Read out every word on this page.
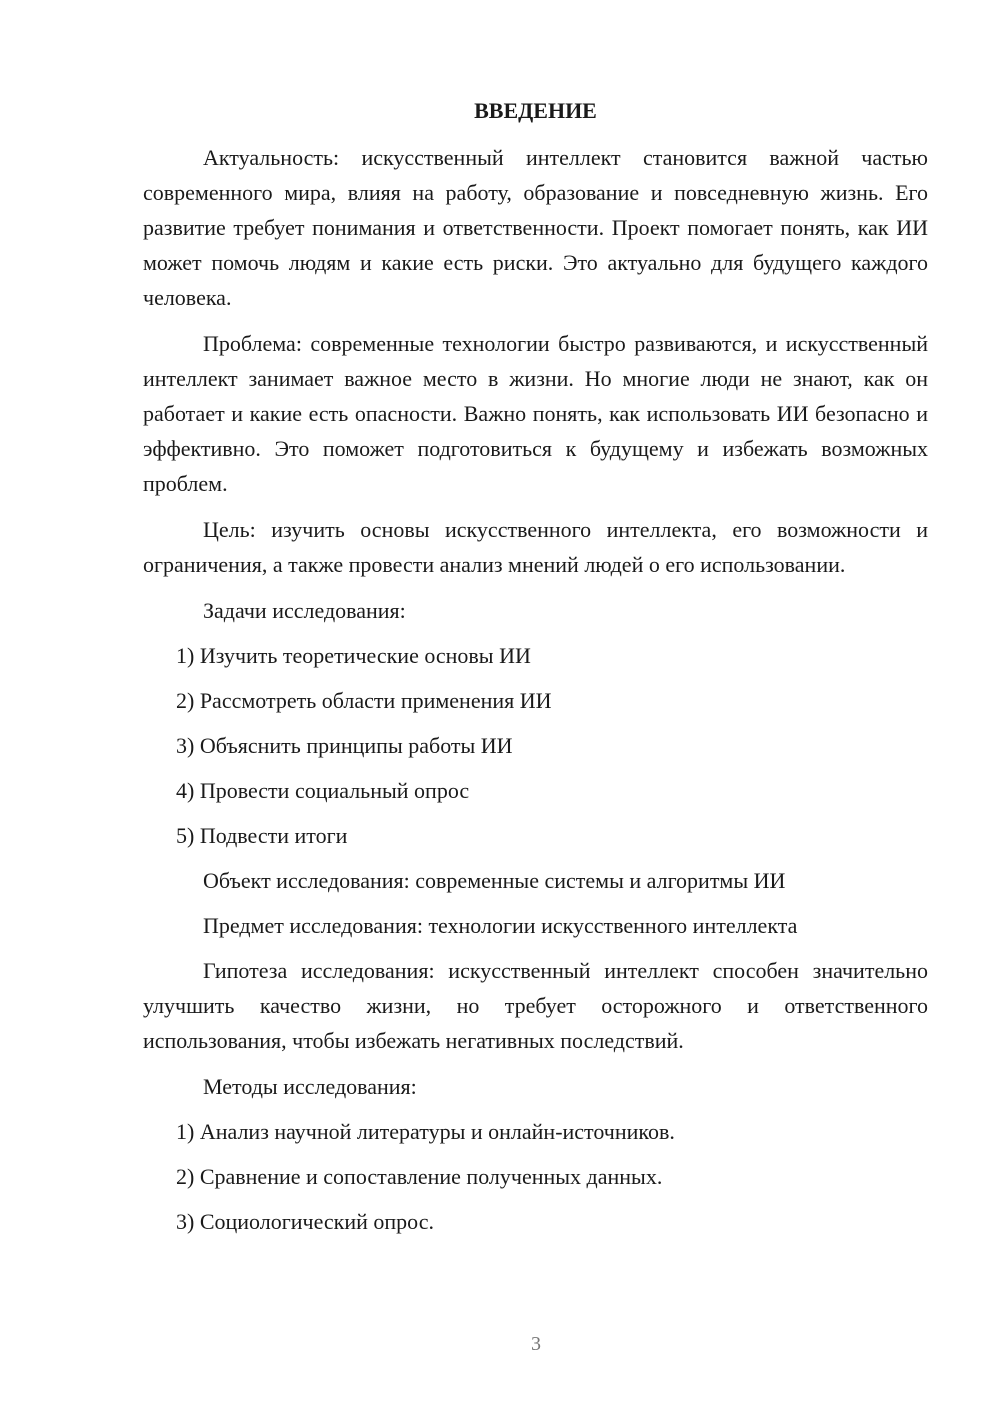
ВВЕДЕНИЕ

Актуальность: искусственный интеллект становится важной частью современного мира, влияя на работу, образование и повседневную жизнь. Его развитие требует понимания и ответственности. Проект помогает понять, как ИИ может помочь людям и какие есть риски. Это актуально для будущего каждого человека.

Проблема: современные технологии быстро развиваются, и искусственный интеллект занимает важное место в жизни. Но многие люди не знают, как он работает и какие есть опасности. Важно понять, как использовать ИИ безопасно и эффективно. Это поможет подготовиться к будущему и избежать возможных проблем.

Цель: изучить основы искусственного интеллекта, его возможности и ограничения, а также провести анализ мнений людей о его использовании.

Задачи исследования:

1) Изучить теоретические основы ИИ

2) Рассмотреть области применения ИИ

3) Объяснить принципы работы ИИ

4) Провести социальный опрос

5) Подвести итоги

Объект исследования: современные системы и алгоритмы ИИ

Предмет исследования: технологии искусственного интеллекта

Гипотеза исследования: искусственный интеллект способен значительно улучшить качество жизни, но требует осторожного и ответственного использования, чтобы избежать негативных последствий.

Методы исследования:

1) Анализ научной литературы и онлайн-источников.

2) Сравнение и сопоставление полученных данных.

3) Социологический опрос.

3
